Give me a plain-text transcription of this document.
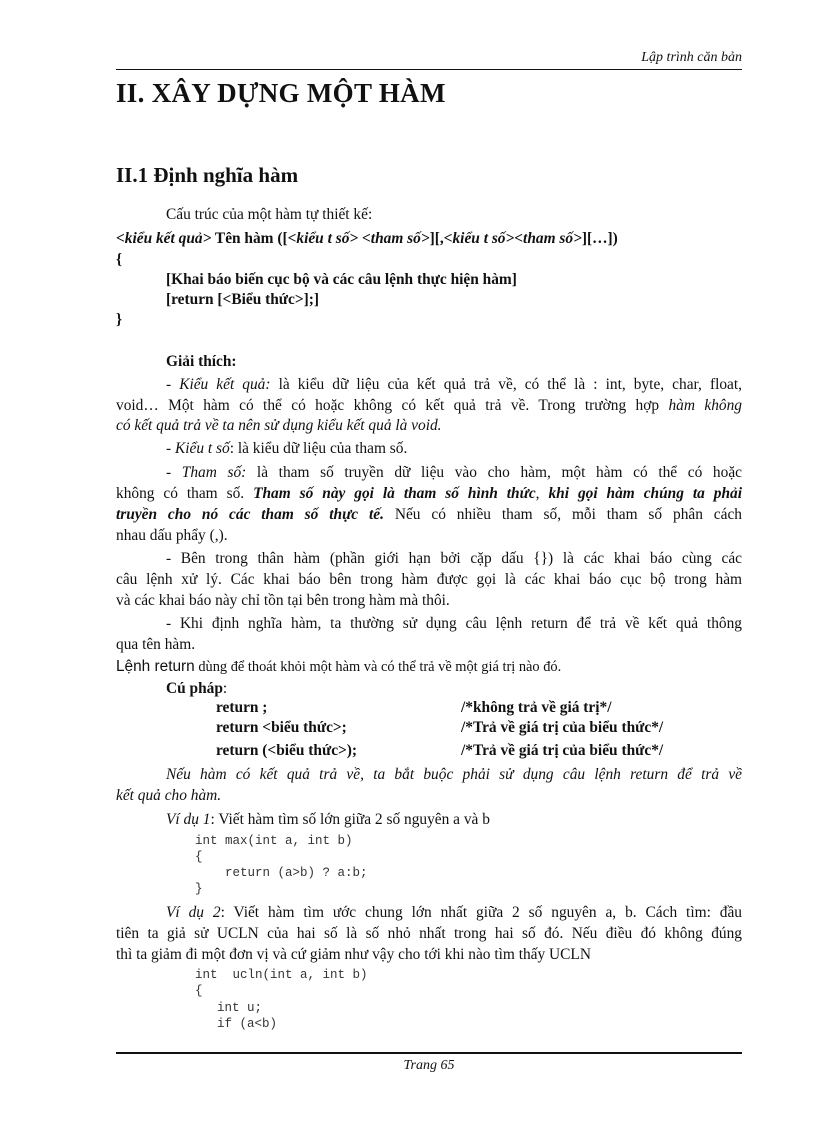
Lập trình căn bản
II. XÂY DỰNG MỘT HÀM
II.1 Định nghĩa hàm
Cấu trúc của một hàm tự thiết kế:
<kiểu kết quả> Tên hàm ([<kiểu t số> <tham số>][,<kiểu t số><tham số>][…])
{
[Khai báo biến cục bộ và các câu lệnh thực hiện hàm]
[return [<Biểu thức>];]
}
Giải thích:
- Kiểu kết quả: là kiểu dữ liệu của kết quả trả về, có thể là : int, byte, char, float,
void… Một hàm có thể có hoặc không có kết quả trả về. Trong trường hợp hàm không
có kết quả trả về ta nên sử dụng kiểu kết quả là void.
- Kiểu t số: là kiểu dữ liệu của tham số.
- Tham số: là tham số truyền dữ liệu vào cho hàm, một hàm có thể có hoặc
không có tham số. Tham số này gọi là tham số hình thức, khi gọi hàm chúng ta phải
truyền cho nó các tham số thực tế. Nếu có nhiều tham số, mỗi tham số phân cách
nhau dấu phẩy (,).
- Bên trong thân hàm (phần giới hạn bởi cặp dấu {}) là các khai báo cùng các
câu lệnh xử lý. Các khai báo bên trong hàm được gọi là các khai báo cục bộ trong hàm
và các khai báo này chỉ tồn tại bên trong hàm mà thôi.
- Khi định nghĩa hàm, ta thường sử dụng câu lệnh return để trả về kết quả thông
qua tên hàm.
Lệnh return dùng để thoát khỏi một hàm và có thể trả về một giá trị nào đó.
Cú pháp:
return ;	/*không trả về giá trị*/
return <biểu thức>;	/*Trả về giá trị của biểu thức*/
return (<biểu thức>);	/*Trả về giá trị của biểu thức*/
Nếu hàm có kết quả trả về, ta bắt buộc phải sử dụng câu lệnh return để trả về
kết quả cho hàm.
Ví dụ 1: Viết hàm tìm số lớn giữa 2 số nguyên a và b
int max(int a, int b)
{
return (a>b) ? a:b;
}
Ví dụ 2: Viết hàm tìm ước chung lớn nhất giữa 2 số nguyên a, b. Cách tìm: đầu
tiên ta giả sử UCLN của hai số là số nhỏ nhất trong hai số đó. Nếu điều đó không đúng
thì ta giảm đi một đơn vị và cứ giảm như vậy cho tới khi nào tìm thấy UCLN
int  ucln(int a, int b)
{
int u;
if (a<b)
Trang 65
